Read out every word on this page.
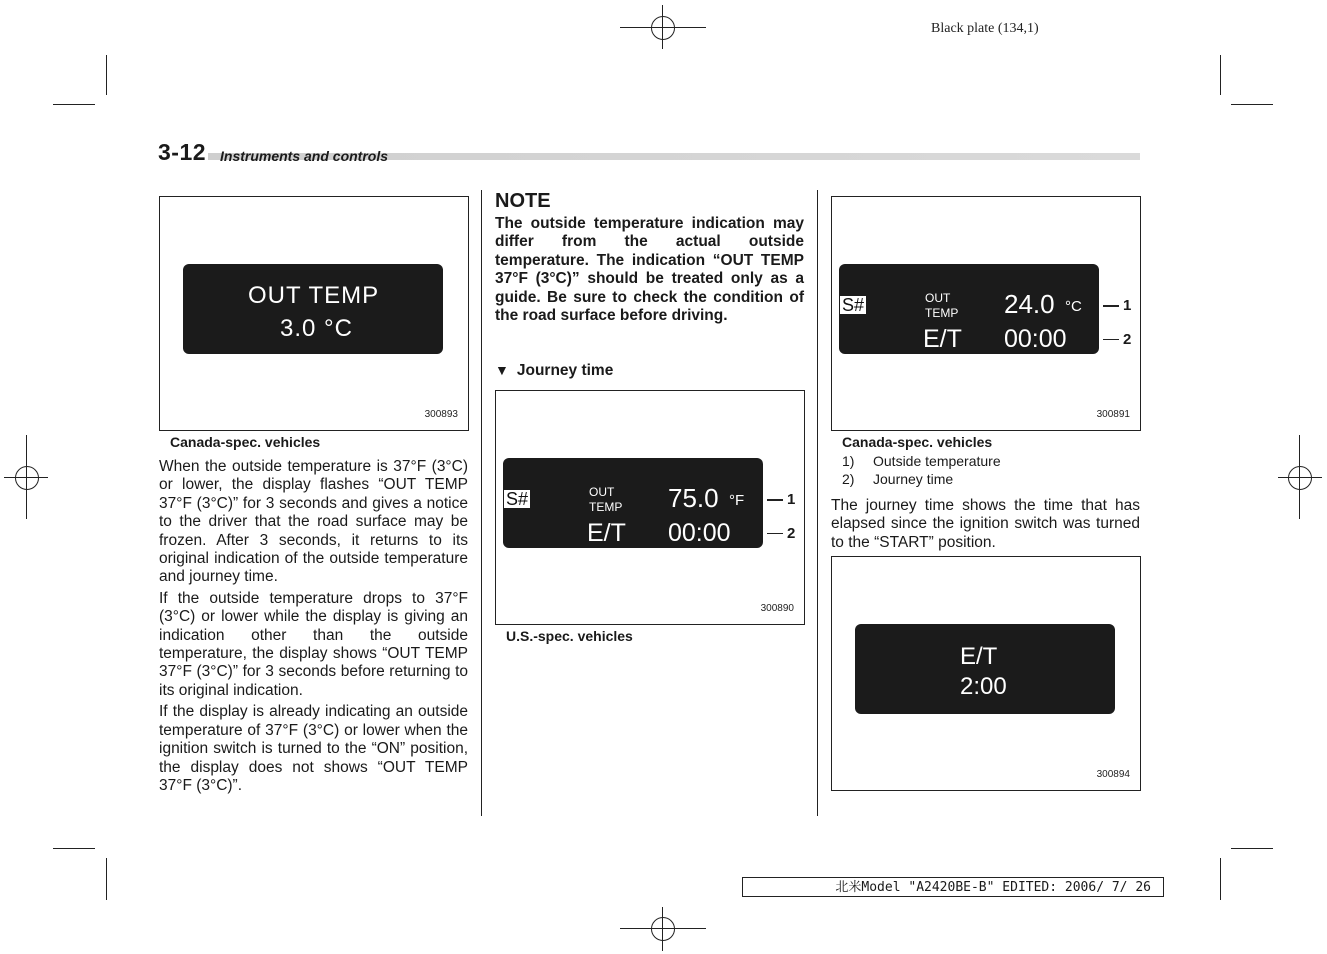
Black plate (134,1)
3-12 Instruments and controls
OUT TEMP
3.0 °C
300893
Canada-spec. vehicles

When the outside temperature is 37°F (3°C) or lower, the display flashes “OUT TEMP 37°F (3°C)” for 3 seconds and gives a notice to the driver that the road surface may be frozen. After 3 seconds, it returns to its original indication of the outside temperature and journey time.

If the outside temperature drops to 37°F (3°C) or lower while the display is giving an indication other than the outside temperature, the display shows “OUT TEMP 37°F (3°C)” for 3 seconds before returning to its original indication.

If the display is already indicating an outside temperature of 37°F (3°C) or lower when the ignition switch is turned to the “ON” position, the display does not shows “OUT TEMP 37°F (3°C)”.

NOTE
The outside temperature indication may differ from the actual outside temperature. The indication “OUT TEMP 37°F (3°C)” should be treated only as a guide. Be sure to check the condition of the road surface before driving.
▼ Journey time
S#	OUT
TEMP 75.0 °F
E/T 00:00
1
2
300890
U.S.-spec. vehicles
S#	OUT
TEMP 24.0 °C
E/T 00:00
1
2
300891
Canada-spec. vehicles
1) Outside temperature
2) Journey time

The journey time shows the time that has elapsed since the ignition switch was turned to the “START” position.

E/T
2:00
300894
北米Model "A2420BE-B" EDITED: 2006/ 7/ 26
